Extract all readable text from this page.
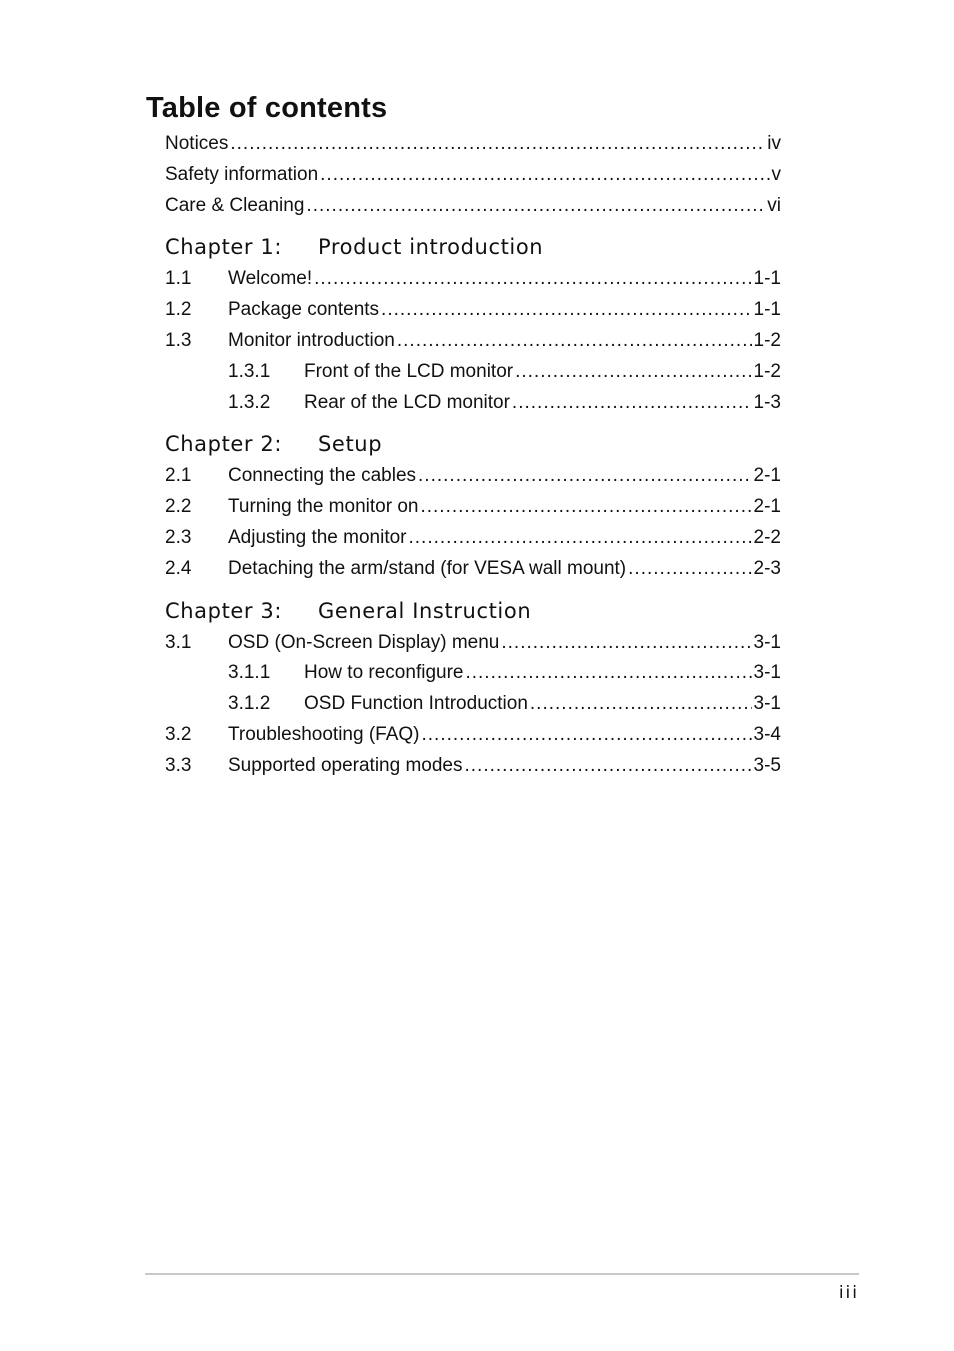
Table of contents
Notices .....	iv
Safety information .....	v
Care & Cleaning .....	vi
Chapter 1:	Product introduction
1.1	Welcome! .....	1-1
1.2	Package contents .....	1-1
1.3	Monitor introduction .....	1-2
1.3.1	Front of the LCD monitor .....	1-2
1.3.2	Rear of the LCD monitor .....	1-3
Chapter 2:	Setup
2.1	Connecting the cables .....	2-1
2.2	Turning the monitor on .....	2-1
2.3	Adjusting the monitor .....	2-2
2.4	Detaching the arm/stand (for VESA wall mount) .....	2-3
Chapter 3:	General Instruction
3.1	OSD (On-Screen Display) menu .....	3-1
3.1.1	How to reconfigure .....	3-1
3.1.2	OSD Function Introduction .....	3-1
3.2	Troubleshooting (FAQ) .....	3-4
3.3	Supported operating modes .....	3-5
iii
